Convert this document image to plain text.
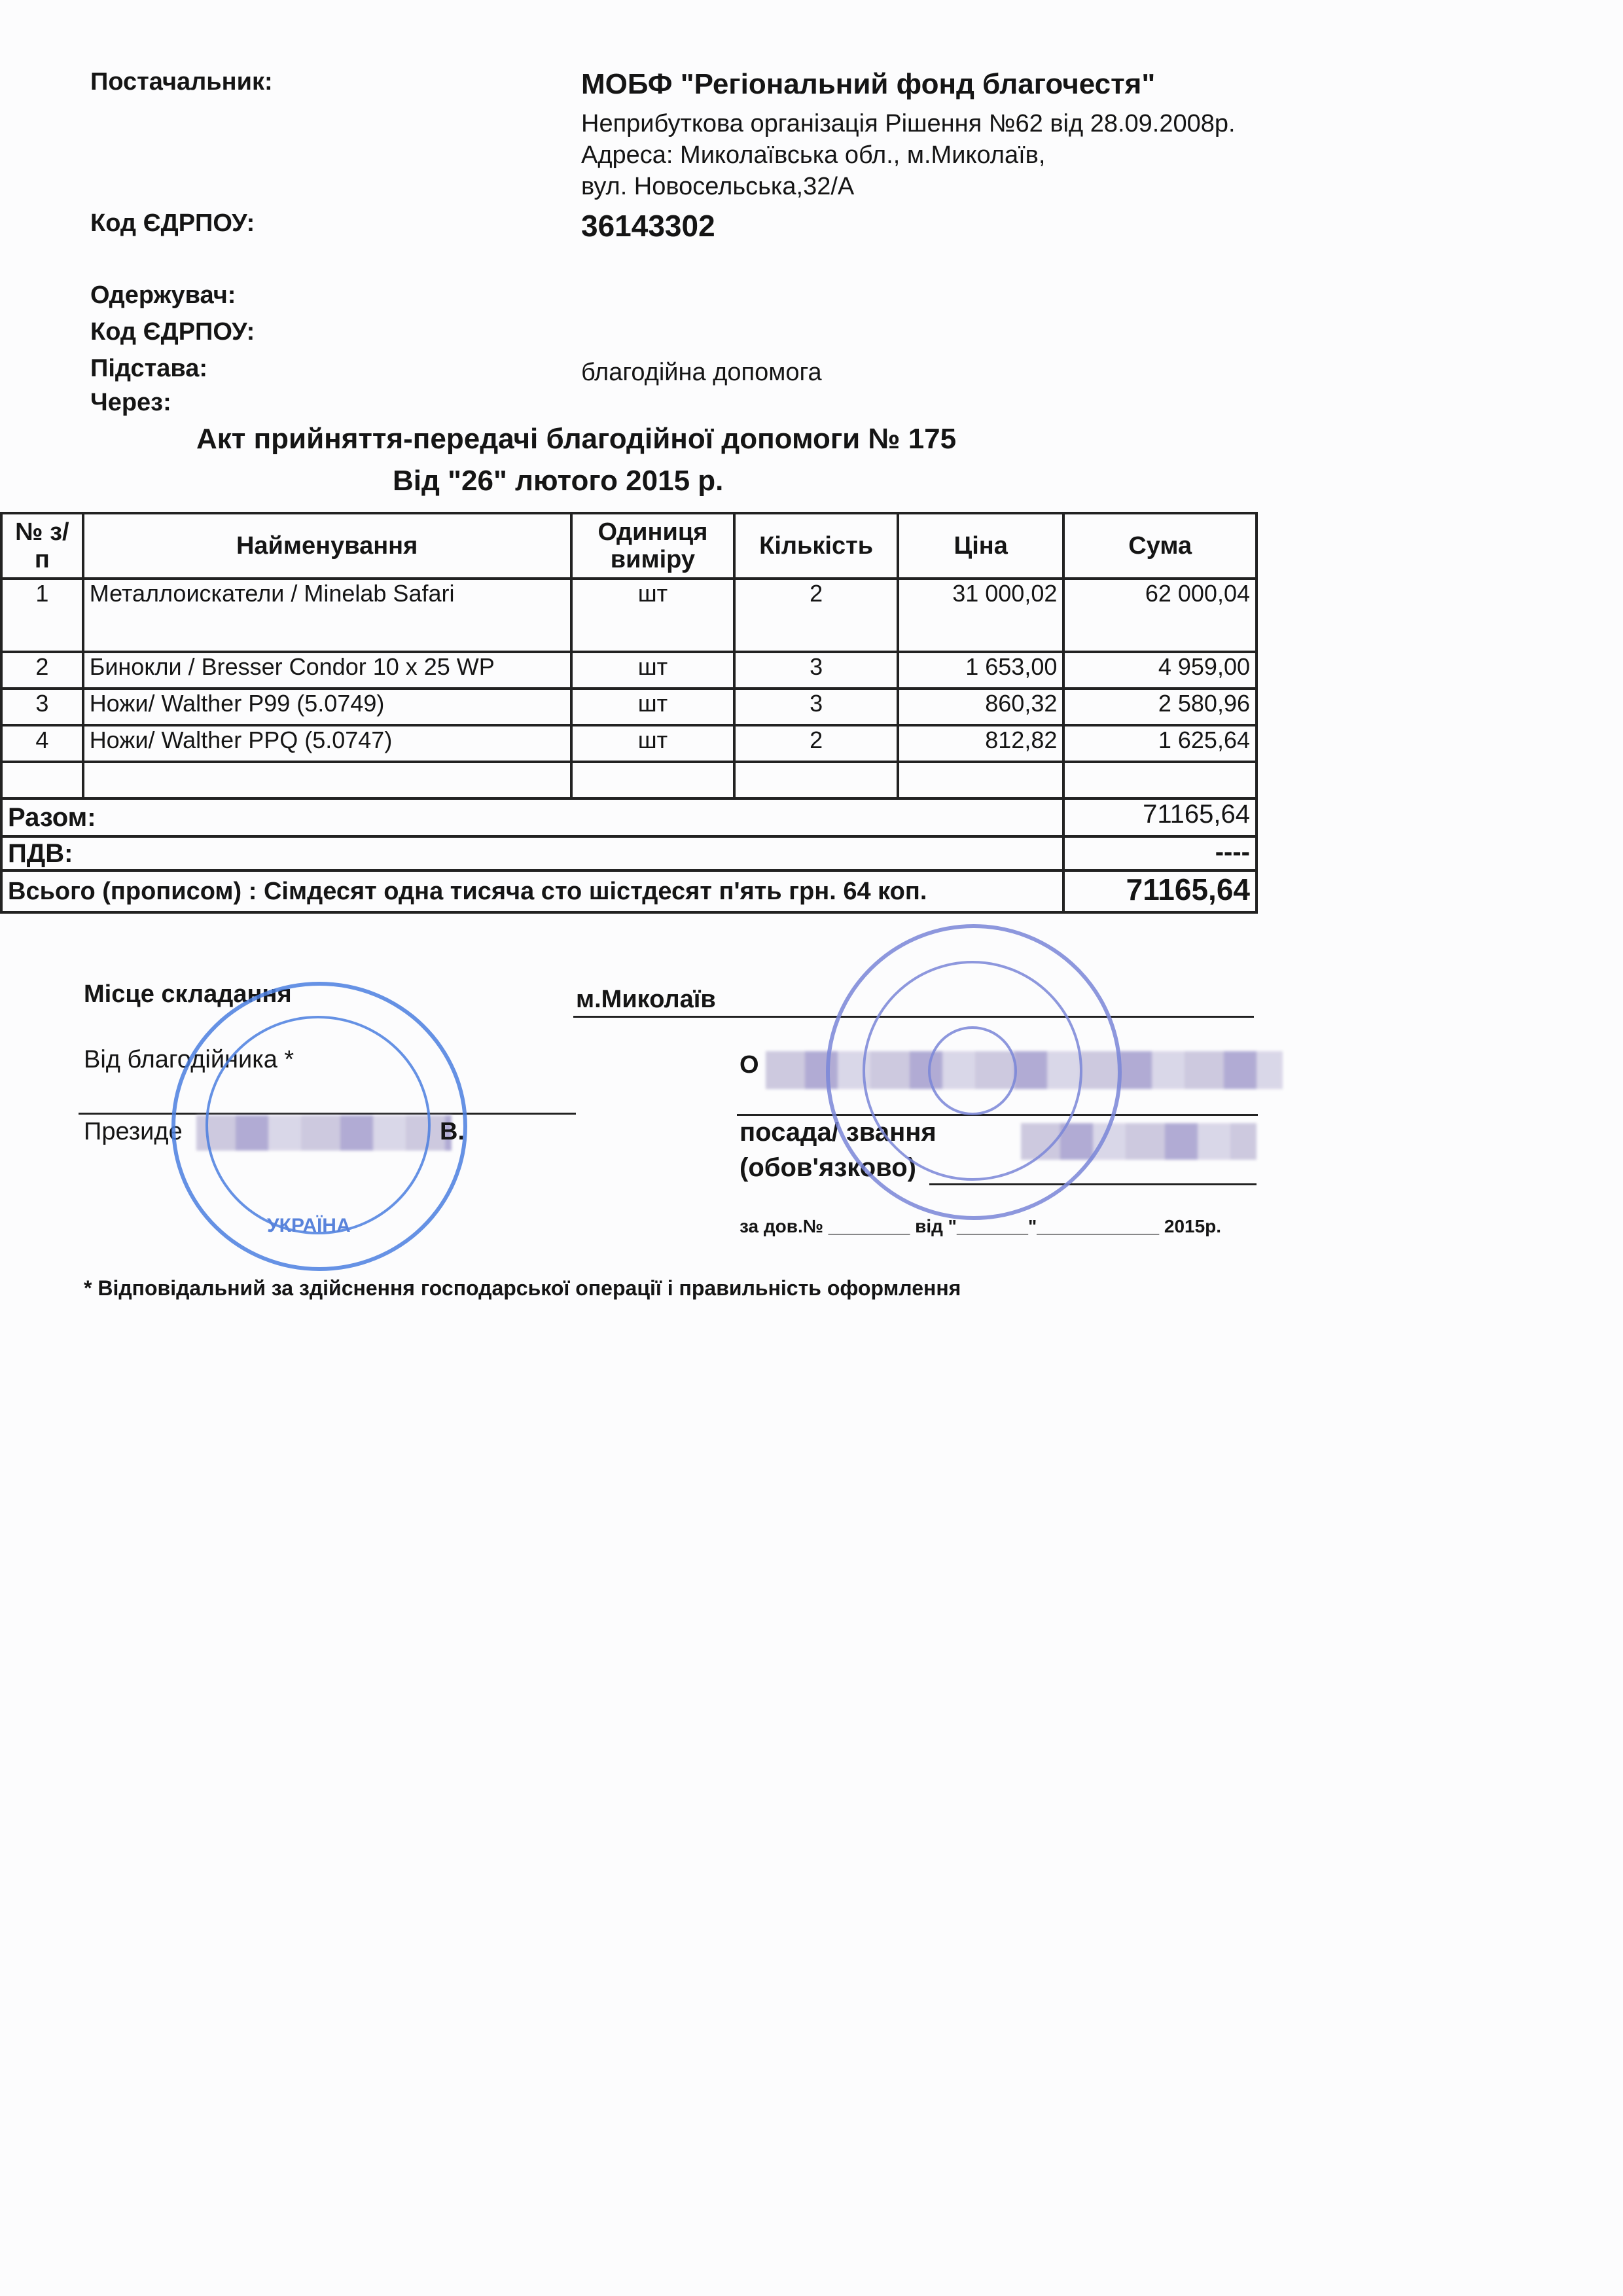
Постачальник:	МОБФ "Регіональний фонд благочестя"
Неприбуткова організація Рішення №62 від 28.09.2008р.
Адреса: Миколаївська обл., м.Миколаїв,
вул. Новосельська,32/А
Код ЄДРПОУ:	36143302
Одержувач:
Код ЄДРПОУ:
Підстава:	благодійна допомога
Через:
Акт прийняття-передачі благодійної допомоги № 175
Від "26" лютого 2015 р.
№ з/п	Найменування	Одиниця виміру	Кількість	Ціна	Сума
1	Металлоискатели / Minelab Safari	шт	2	31 000,02	62 000,04
2	Бинокли / Bresser Condor 10 x 25 WP	шт	3	1 653,00	4 959,00
3	Ножи/ Walther P99 (5.0749)	шт	3	860,32	2 580,96
4	Ножи/ Walther PPQ (5.0747)	шт	2	812,82	1 625,64

Разом:					71165,64
ПДВ:					----
Всього (прописом) : Сімдесят одна тисяча сто шістдесят п'ять грн. 64 коп.					71165,64
Місце складання	м.Миколаїв
Від благодійника *
Президе	В.
О
посада/ звання
(обов'язково)
за дов.№ ________ від "_______"____________ 2015р.
* Відповідальний за здійснення господарської операції і правильність оформлення
УКРАЇНА
